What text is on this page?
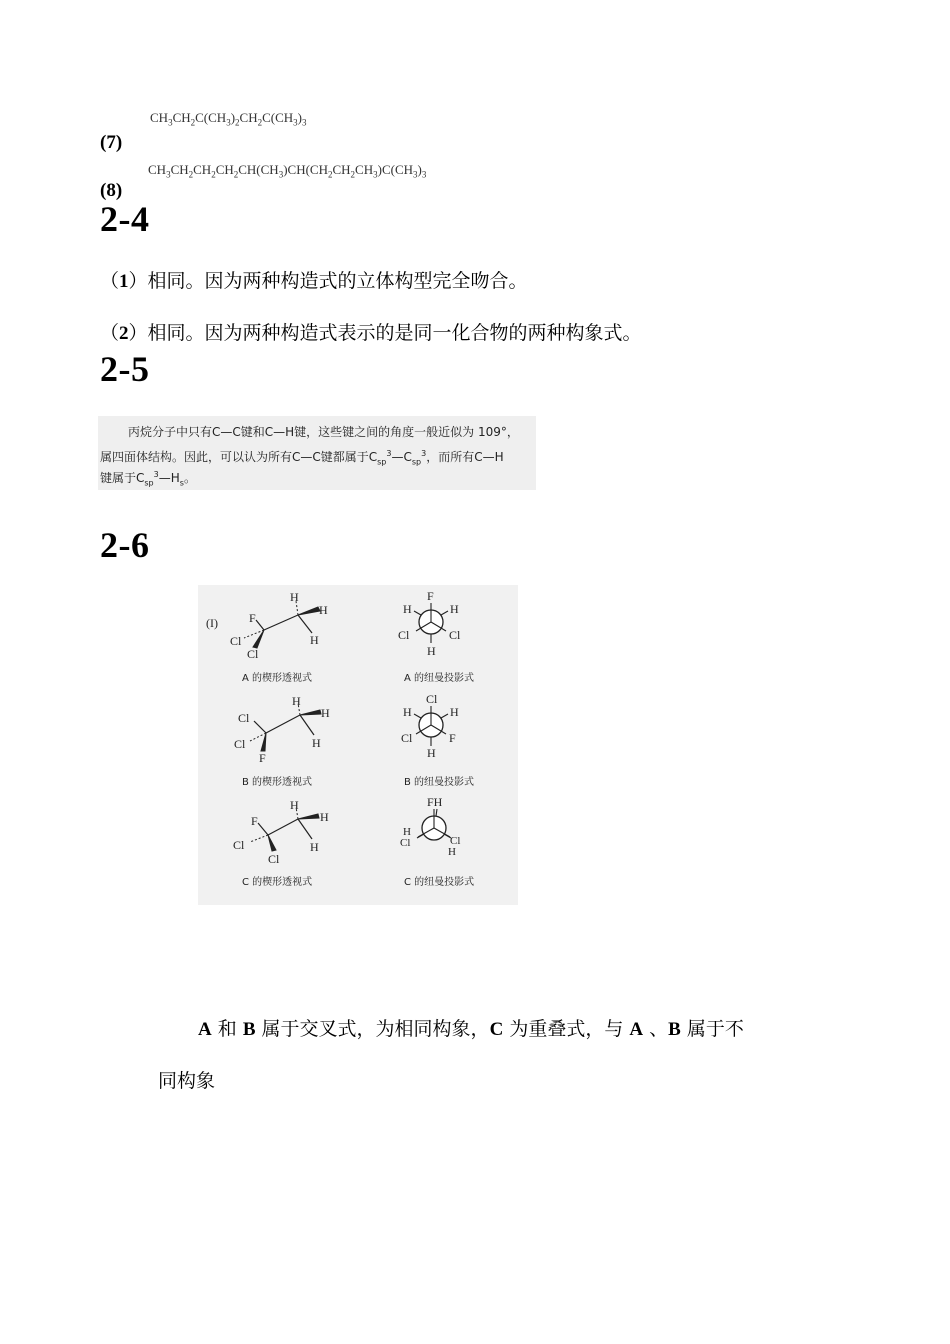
$CH_3CH_2C(CH_3)_2CH_2C(CH_3)_3$
(7)
$CH_3CH_2CH_2CH_2CH(CH_3)CH(CH_2CH_2CH_3)C(CH_3)_3$
(8)
2-4
（1）相同。因为两种构造式的立体构型完全吻合。
（2）相同。因为两种构造式表示的是同一化合物的两种构象式。
2-5
丙烷分子中只有C—C键和C—H键，这些键之间的角度一般近似为 109°，
属四面体结构。因此，可以认为所有C—C键都属于$C_{sp}^3—C_{sp}^3$，而所有C—H
键属于$C_{sp}^3—H_s$。
2-6
(I)
H
H
H
F
Cl
Cl
A 的楔形透视式
F
H	H
Cl	Cl
H
A 的纽曼投影式
H
H
H
Cl
Cl
F
B 的楔形透视式
Cl
H	H
Cl	F
H
B 的纽曼投影式
H
H
H
F
Cl
Cl
C 的楔形透视式
FH
H
Cl	Cl
H
C 的纽曼投影式
A 和 B 属于交叉式，为相同构象，C 为重叠式，与 A 、B 属于不
同构象
